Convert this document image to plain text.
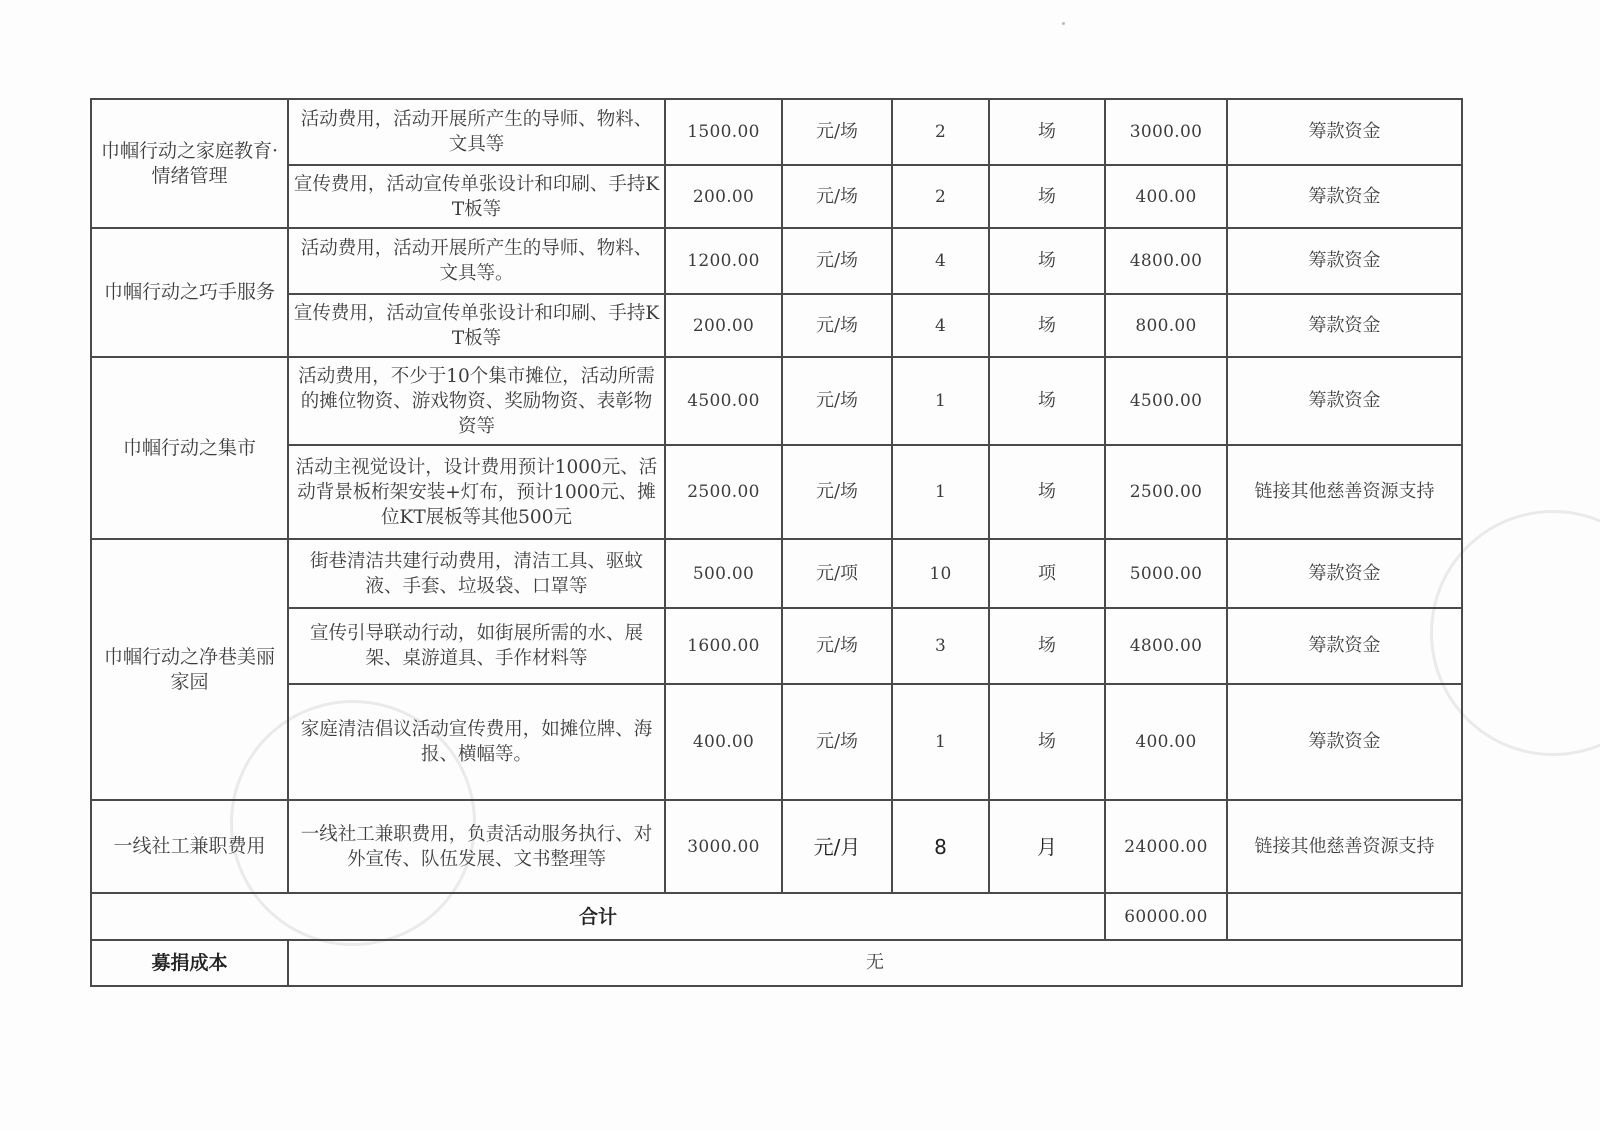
巾帼行动之家庭教育·情绪管理	活动费用，活动开展所产生的导师、物料、文具等	1500.00	元/场	2	场	3000.00	筹款资金
	宣传费用，活动宣传单张设计和印刷、手持KT板等	200.00	元/场	2	场	400.00	筹款资金
巾帼行动之巧手服务	活动费用，活动开展所产生的导师、物料、文具等。	1200.00	元/场	4	场	4800.00	筹款资金
	宣传费用，活动宣传单张设计和印刷、手持KT板等	200.00	元/场	4	场	800.00	筹款资金
巾帼行动之集市	活动费用，不少于10个集市摊位，活动所需的摊位物资、游戏物资、奖励物资、表彰物资等	4500.00	元/场	1	场	4500.00	筹款资金
	活动主视觉设计，设计费用预计1000元、活动背景板桁架安装+灯布，预计1000元、摊位KT展板等其他500元	2500.00	元/场	1	场	2500.00	链接其他慈善资源支持
巾帼行动之净巷美丽家园	街巷清洁共建行动费用，清洁工具、驱蚊液、手套、垃圾袋、口罩等	500.00	元/项	10	项	5000.00	筹款资金
	宣传引导联动行动，如街展所需的水、展架、桌游道具、手作材料等	1600.00	元/场	3	场	4800.00	筹款资金
	家庭清洁倡议活动宣传费用，如摊位牌、海报、横幅等。	400.00	元/场	1	场	400.00	筹款资金
一线社工兼职费用	一线社工兼职费用，负责活动服务执行、对外宣传、队伍发展、文书整理等	3000.00	元/月	8	月	24000.00	链接其他慈善资源支持
合计						60000.00	
募捐成本	无						
